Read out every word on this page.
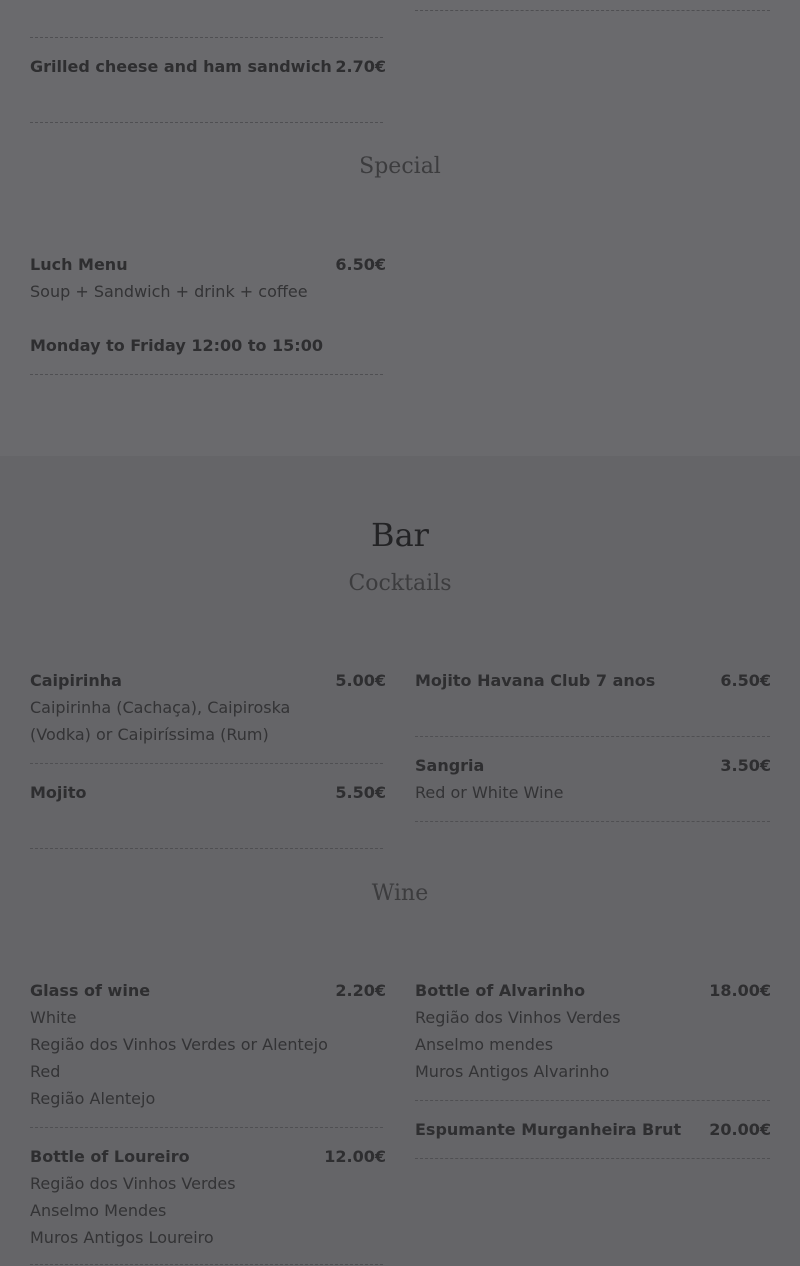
Grilled cheese and ham sandwich 2.70€
Special
Luch Menu	6.50€
Soup + Sandwich + drink + coffee
Monday to Friday 12:00 to 15:00
Bar
Cocktails
Caipirinha	5.00€
Caipirinha (Cachaça), Caipiroska
(Vodka) or Caipiríssima (Rum)
Mojito	5.50€
Mojito Havana Club 7 anos	6.50€
Sangria	3.50€
Red or White Wine
Wine
Glass of wine	2.20€
White
Região dos Vinhos Verdes or Alentejo
Red
Região Alentejo
Bottle of Loureiro	12.00€
Região dos Vinhos Verdes
Anselmo Mendes
Muros Antigos Loureiro
Bottle of Alvarinho	18.00€
Região dos Vinhos Verdes
Anselmo mendes
Muros Antigos Alvarinho
Espumante Murganheira Brut	20.00€
